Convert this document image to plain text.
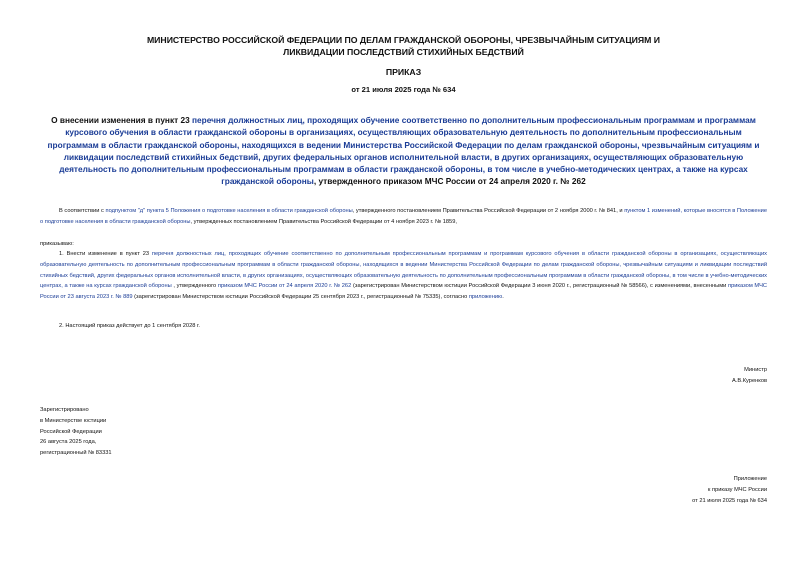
МИНИСТЕРСТВО РОССИЙСКОЙ ФЕДЕРАЦИИ ПО ДЕЛАМ ГРАЖДАНСКОЙ ОБОРОНЫ, ЧРЕЗВЫЧАЙНЫМ СИТУАЦИЯМ И
ЛИКВИДАЦИИ ПОСЛЕДСТВИЙ СТИХИЙНЫХ БЕДСТВИЙ
ПРИКАЗ
от 21 июля 2025 года № 634
О внесении изменения в пункт 23 перечня должностных лиц, проходящих обучение соответственно по дополнительным профессиональным программам и программам курсового обучения в области гражданской обороны в организациях, осуществляющих образовательную деятельность по дополнительным профессиональным программам в области гражданской обороны, находящихся в ведении Министерства Российской Федерации по делам гражданской обороны, чрезвычайным ситуациям и ликвидации последствий стихийных бедствий, других федеральных органов исполнительной власти, в других организациях, осуществляющих образовательную деятельность по дополнительным профессиональным программам в области гражданской обороны, в том числе в учебно-методических центрах, а также на курсах гражданской обороны, утвержденного приказом МЧС России от 24 апреля 2020 г. № 262
В соответствии с подпунктом "д" пункта 5 Положения о подготовке населения в области гражданской обороны, утвержденного постановлением Правительства Российской Федерации от 2 ноября 2000 г. № 841, и пунктом 1 изменений, которые вносятся в Положение о подготовке населения в области гражданской обороны, утвержденных постановлением Правительства Российской Федерации от 4 ноября 2023 г. № 1859,
приказываю:
1. Внести изменение в пункт 23 перечня должностных лиц, проходящих обучение соответственно по дополнительным профессиональным программам и программам курсового обучения в области гражданской обороны в организациях, осуществляющих образовательную деятельность по дополнительным профессиональным программам в области гражданской обороны, находящихся в ведении Министерства Российской Федерации по делам гражданской обороны, чрезвычайным ситуациям и ликвидации последствий стихийных бедствий, других федеральных органов исполнительной власти, в других организациях, осуществляющих образовательную деятельность по дополнительным профессиональным программам в области гражданской обороны, в том числе в учебно-методических центрах, а также на курсах гражданской обороны , утвержденного приказом МЧС России от 24 апреля 2020 г. № 262 (зарегистрирован Министерством юстиции Российской Федерации 3 июня 2020 г., регистрационный № 58566), с изменениями, внесенными приказом МЧС России от 23 августа 2023 г. № 889 (зарегистрирован Министерством юстиции Российской Федерации 25 сентября 2023 г., регистрационный № 75335), согласно приложению.
2. Настоящий приказ действует до 1 сентября 2028 г.
Министр
А.В.Куренков
Зарегистрировано
в Министерстве юстиции
Российской Федерации
26 августа 2025 года,
регистрационный № 83331
Приложение
к приказу МЧС России
от 21 июля 2025 года № 634
